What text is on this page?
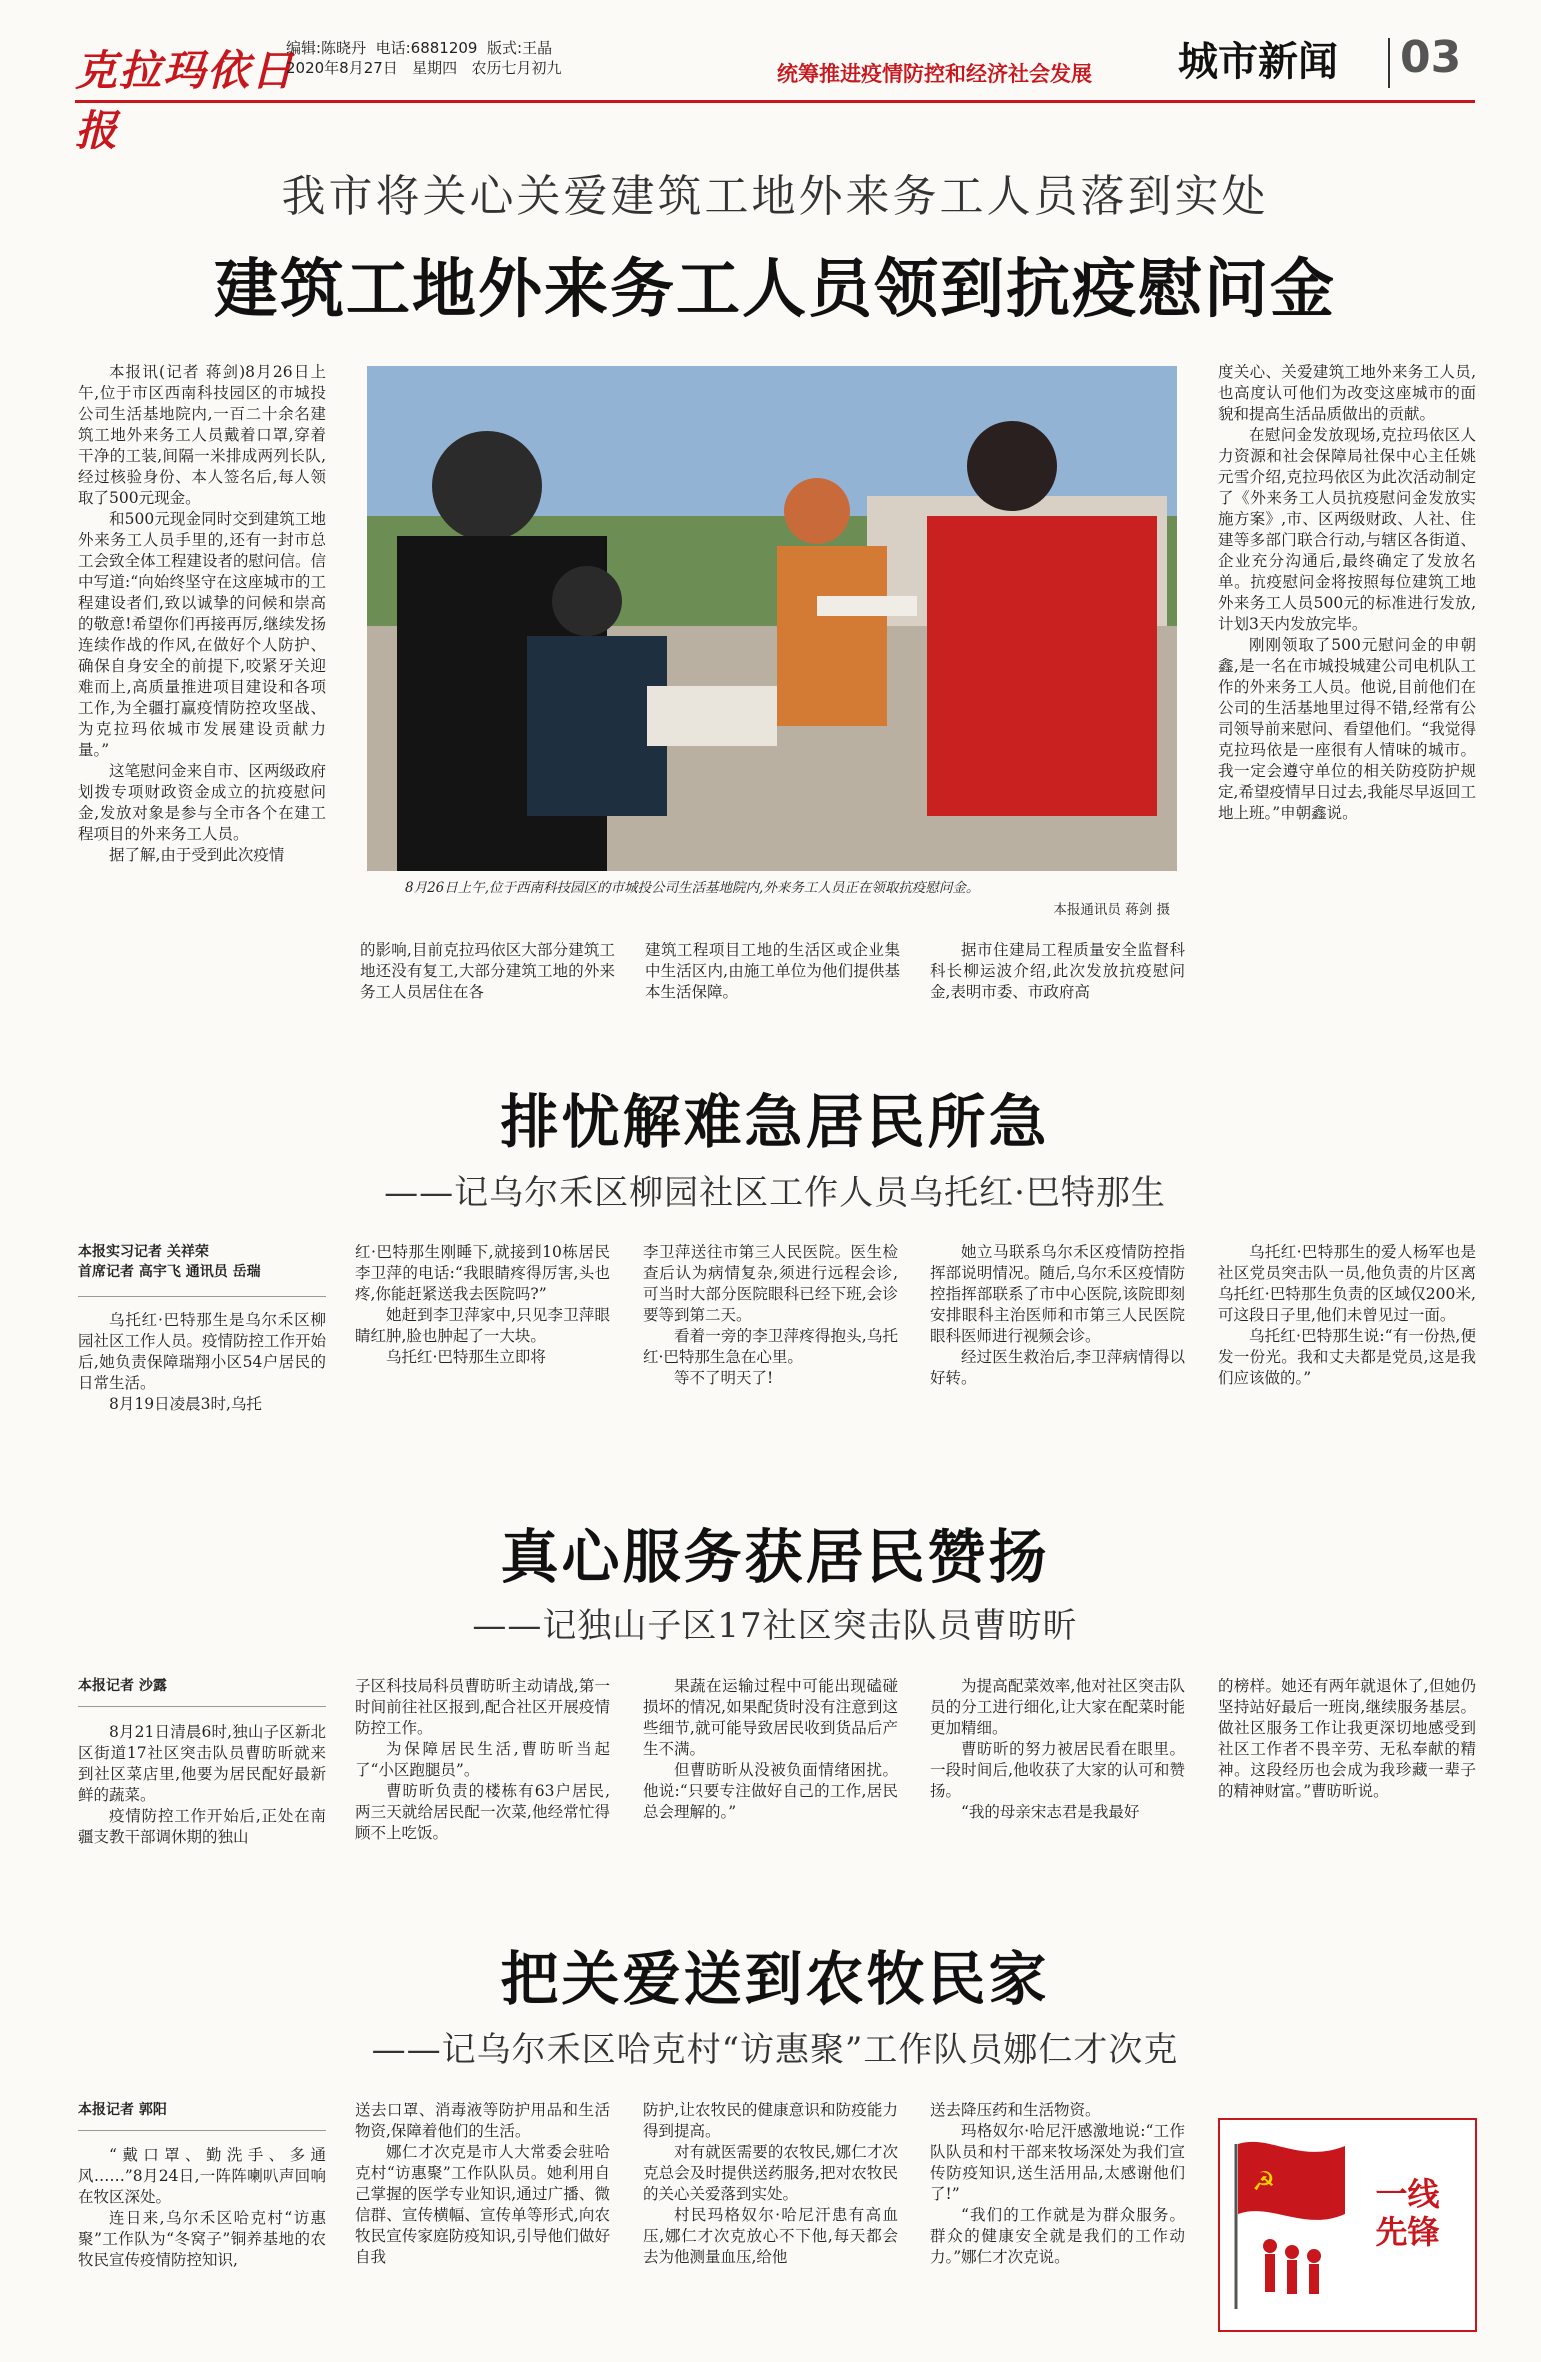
克拉玛依日报
编辑:陈晓丹 电话:6881209 版式:王晶
2020年8月27日 星期四 农历七月初九	统筹推进疫情防控和经济社会发展 城市新闻 03
我市将关心关爱建筑工地外来务工人员落到实处
建筑工地外来务工人员领到抗疫慰问金

本报讯(记者 蒋剑)8月26日上午,位于市区西南科技园区的市城投公司生活基地院内,一百二十余名建筑工地外来务工人员戴着口罩,穿着干净的工装,间隔一米排成两列长队,经过核验身份、本人签名后,每人领取了500元现金。

和500元现金同时交到建筑工地外来务工人员手里的,还有一封市总工会致全体工程建设者的慰问信。信中写道:“向始终坚守在这座城市的工程建设者们,致以诚挚的问候和崇高的敬意!希望你们再接再厉,继续发扬连续作战的作风,在做好个人防护、确保自身安全的前提下,咬紧牙关迎难而上,高质量推进项目建设和各项工作,为全疆打赢疫情防控攻坚战、为克拉玛依城市发展建设贡献力量。”

这笔慰问金来自市、区两级政府划拨专项财政资金成立的抗疫慰问金,发放对象是参与全市各个在建工程项目的外来务工人员。

据了解,由于受到此次疫情

8月26日上午,位于西南科技园区的市城投公司生活基地院内,外来务工人员正在领取抗疫慰问金。
本报通讯员 蒋剑 摄

的影响,目前克拉玛依区大部分建筑工地还没有复工,大部分建筑工地的外来务工人员居住在各

建筑工程项目工地的生活区或企业集中生活区内,由施工单位为他们提供基本生活保障。

据市住建局工程质量安全监督科科长柳运波介绍,此次发放抗疫慰问金,表明市委、市政府高

度关心、关爱建筑工地外来务工人员,也高度认可他们为改变这座城市的面貌和提高生活品质做出的贡献。

在慰问金发放现场,克拉玛依区人力资源和社会保障局社保中心主任姚元雪介绍,克拉玛依区为此次活动制定了《外来务工人员抗疫慰问金发放实施方案》,市、区两级财政、人社、住建等多部门联合行动,与辖区各街道、企业充分沟通后,最终确定了发放名单。抗疫慰问金将按照每位建筑工地外来务工人员500元的标准进行发放,计划3天内发放完毕。

刚刚领取了500元慰问金的申朝鑫,是一名在市城投城建公司电机队工作的外来务工人员。他说,目前他们在公司的生活基地里过得不错,经常有公司领导前来慰问、看望他们。“我觉得克拉玛依是一座很有人情味的城市。我一定会遵守单位的相关防疫防护规定,希望疫情早日过去,我能尽早返回工地上班。”申朝鑫说。

排忧解难急居民所急
——记乌尔禾区柳园社区工作人员乌托红·巴特那生
本报实习记者 关祥荣
首席记者 高宇飞 通讯员 岳瑞

乌托红·巴特那生是乌尔禾区柳园社区工作人员。疫情防控工作开始后,她负责保障瑞翔小区54户居民的日常生活。

8月19日凌晨3时,乌托

红·巴特那生刚睡下,就接到10栋居民李卫萍的电话:“我眼睛疼得厉害,头也疼,你能赶紧送我去医院吗?”

她赶到李卫萍家中,只见李卫萍眼睛红肿,脸也肿起了一大块。

乌托红·巴特那生立即将

李卫萍送往市第三人民医院。医生检查后认为病情复杂,须进行远程会诊,可当时大部分医院眼科已经下班,会诊要等到第二天。

看着一旁的李卫萍疼得抱头,乌托红·巴特那生急在心里。

等不了明天了!

她立马联系乌尔禾区疫情防控指挥部说明情况。随后,乌尔禾区疫情防控指挥部联系了市中心医院,该院即刻安排眼科主治医师和市第三人民医院眼科医师进行视频会诊。

经过医生救治后,李卫萍病情得以好转。

乌托红·巴特那生的爱人杨军也是社区党员突击队一员,他负责的片区离乌托红·巴特那生负责的区域仅200米,可这段日子里,他们未曾见过一面。

乌托红·巴特那生说:“有一份热,便发一份光。我和丈夫都是党员,这是我们应该做的。”

真心服务获居民赞扬
——记独山子区17社区突击队员曹昉昕
本报记者 沙露

8月21日清晨6时,独山子区新北区街道17社区突击队员曹昉昕就来到社区菜店里,他要为居民配好最新鲜的蔬菜。

疫情防控工作开始后,正处在南疆支教干部调休期的独山

子区科技局科员曹昉昕主动请战,第一时间前往社区报到,配合社区开展疫情防控工作。

为保障居民生活,曹昉昕当起了“小区跑腿员”。

曹昉昕负责的楼栋有63户居民,两三天就给居民配一次菜,他经常忙得顾不上吃饭。

果蔬在运输过程中可能出现磕碰损坏的情况,如果配货时没有注意到这些细节,就可能导致居民收到货品后产生不满。

但曹昉昕从没被负面情绪困扰。他说:“只要专注做好自己的工作,居民总会理解的。”

为提高配菜效率,他对社区突击队员的分工进行细化,让大家在配菜时能更加精细。

曹昉昕的努力被居民看在眼里。一段时间后,他收获了大家的认可和赞扬。

“我的母亲宋志君是我最好

的榜样。她还有两年就退休了,但她仍坚持站好最后一班岗,继续服务基层。做社区服务工作让我更深切地感受到社区工作者不畏辛劳、无私奉献的精神。这段经历也会成为我珍藏一辈子的精神财富。”曹昉昕说。

把关爱送到农牧民家
——记乌尔禾区哈克村“访惠聚”工作队员娜仁才次克
本报记者 郭阳

“戴口罩、勤洗手、多通风……”8月24日,一阵阵喇叭声回响在牧区深处。

连日来,乌尔禾区哈克村“访惠聚”工作队为“冬窝子”铜养基地的农牧民宣传疫情防控知识,

送去口罩、消毒液等防护用品和生活物资,保障着他们的生活。

娜仁才次克是市人大常委会驻哈克村“访惠聚”工作队队员。她利用自己掌握的医学专业知识,通过广播、微信群、宣传横幅、宣传单等形式,向农牧民宣传家庭防疫知识,引导他们做好自我

防护,让农牧民的健康意识和防疫能力得到提高。

对有就医需要的农牧民,娜仁才次克总会及时提供送药服务,把对农牧民的关心关爱落到实处。

村民玛格奴尔·哈尼汗患有高血压,娜仁才次克放心不下他,每天都会去为他测量血压,给他

送去降压药和生活物资。

玛格奴尔·哈尼汗感激地说:“工作队队员和村干部来牧场深处为我们宣传防疫知识,送生活用品,太感谢他们了!”

“我们的工作就是为群众服务。群众的健康安全就是我们的工作动力。”娜仁才次克说。

☭	一线
先锋
